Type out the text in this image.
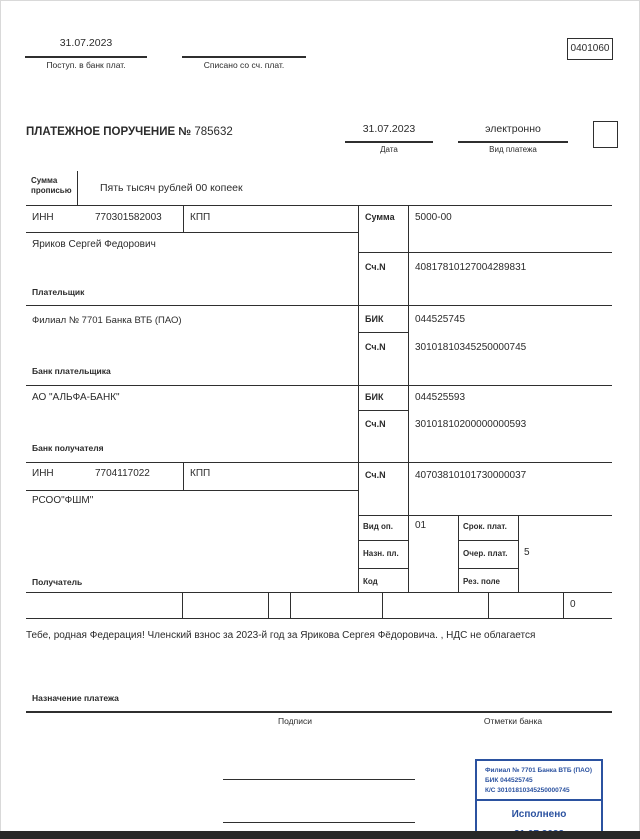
31.07.2023
Поступ. в банк плат.	Списано со сч. плат.
0401060
ПЛАТЕЖНОЕ ПОРУЧЕНИЕ № 785632	31.07.2023
Дата
электронно
Вид платежа
Сумма прописью	Пять тысяч рублей 00 копеек
ИНН	770301582003	КПП
Яриков Сергей Федорович
Плательщик
Сумма 5000-00
Сч.N	40817810127004289831
Филиал № 7701 Банка ВТБ (ПАО)
Банк плательщика
БИК	044525745
Сч.N	30101810345250000745
АО "АЛЬФА-БАНК"
Банк получателя
БИК	044525593
Сч.N	30101810200000000593
ИНН	7704117022	КПП
РСОО"ФШМ"
Получатель
Сч.N	40703810101730000037
Вид оп. 01	Срок. плат.
Назн. пл.	Очер. плат. 5
Код	Рез. поле
0
Тебе, родная Федерация! Членский взнос за 2023-й год за Ярикова Сергея Фёдоровича. , НДС не облагается
Назначение платежа
Подписи	Отметки банка
Филиал № 7701 Банка ВТБ (ПАО)
БИК 044525745
К/С 30101810345250000745
Исполнено
